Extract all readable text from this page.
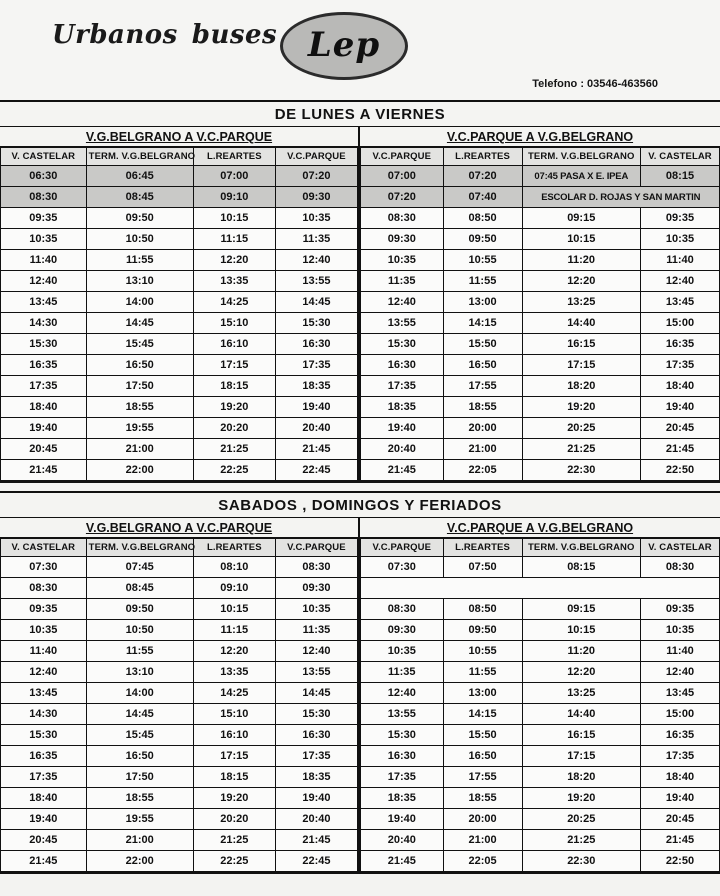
Urbanos buses Lep
Telefono : 03546-463560
DE LUNES A VIERNES
V.G.BELGRANO A V.C.PARQUE
V. CASTELAR	TERM. V.G.BELGRANO	L.REARTES	V.C.PARQUE
06:30	06:45	07:00	07:20
08:30	08:45	09:10	09:30
09:35	09:50	10:15	10:35
10:35	10:50	11:15	11:35
11:40	11:55	12:20	12:40
12:40	13:10	13:35	13:55
13:45	14:00	14:25	14:45
14:30	14:45	15:10	15:30
15:30	15:45	16:10	16:30
16:35	16:50	17:15	17:35
17:35	17:50	18:15	18:35
18:40	18:55	19:20	19:40
19:40	19:55	20:20	20:40
20:45	21:00	21:25	21:45
21:45	22:00	22:25	22:45
V.C.PARQUE A V.G.BELGRANO
V.C.PARQUE	L.REARTES	TERM. V.G.BELGRANO	V. CASTELAR
07:00	07:20	07:45 PASA X E. IPEA	08:15
07:20	07:40	ESCOLAR D. ROJAS Y SAN MARTIN	
08:30	08:50	09:15	09:35
09:30	09:50	10:15	10:35
10:35	10:55	11:20	11:40
11:35	11:55	12:20	12:40
12:40	13:00	13:25	13:45
13:55	14:15	14:40	15:00
15:30	15:50	16:15	16:35
16:30	16:50	17:15	17:35
17:35	17:55	18:20	18:40
18:35	18:55	19:20	19:40
19:40	20:00	20:25	20:45
20:40	21:00	21:25	21:45
21:45	22:05	22:30	22:50
SABADOS , DOMINGOS Y FERIADOS
V.G.BELGRANO A V.C.PARQUE
V. CASTELAR	TERM. V.G.BELGRANO	L.REARTES	V.C.PARQUE
07:30	07:45	08:10	08:30
08:30	08:45	09:10	09:30
09:35	09:50	10:15	10:35
10:35	10:50	11:15	11:35
11:40	11:55	12:20	12:40
12:40	13:10	13:35	13:55
13:45	14:00	14:25	14:45
14:30	14:45	15:10	15:30
15:30	15:45	16:10	16:30
16:35	16:50	17:15	17:35
17:35	17:50	18:15	18:35
18:40	18:55	19:20	19:40
19:40	19:55	20:20	20:40
20:45	21:00	21:25	21:45
21:45	22:00	22:25	22:45
V.C.PARQUE A V.G.BELGRANO
V.C.PARQUE	L.REARTES	TERM. V.G.BELGRANO	V. CASTELAR
07:30	07:50	08:15	08:30

08:30	08:50	09:15	09:35
09:30	09:50	10:15	10:35
10:35	10:55	11:20	11:40
11:35	11:55	12:20	12:40
12:40	13:00	13:25	13:45
13:55	14:15	14:40	15:00
15:30	15:50	16:15	16:35
16:30	16:50	17:15	17:35
17:35	17:55	18:20	18:40
18:35	18:55	19:20	19:40
19:40	20:00	20:25	20:45
20:40	21:00	21:25	21:45
21:45	22:05	22:30	22:50
